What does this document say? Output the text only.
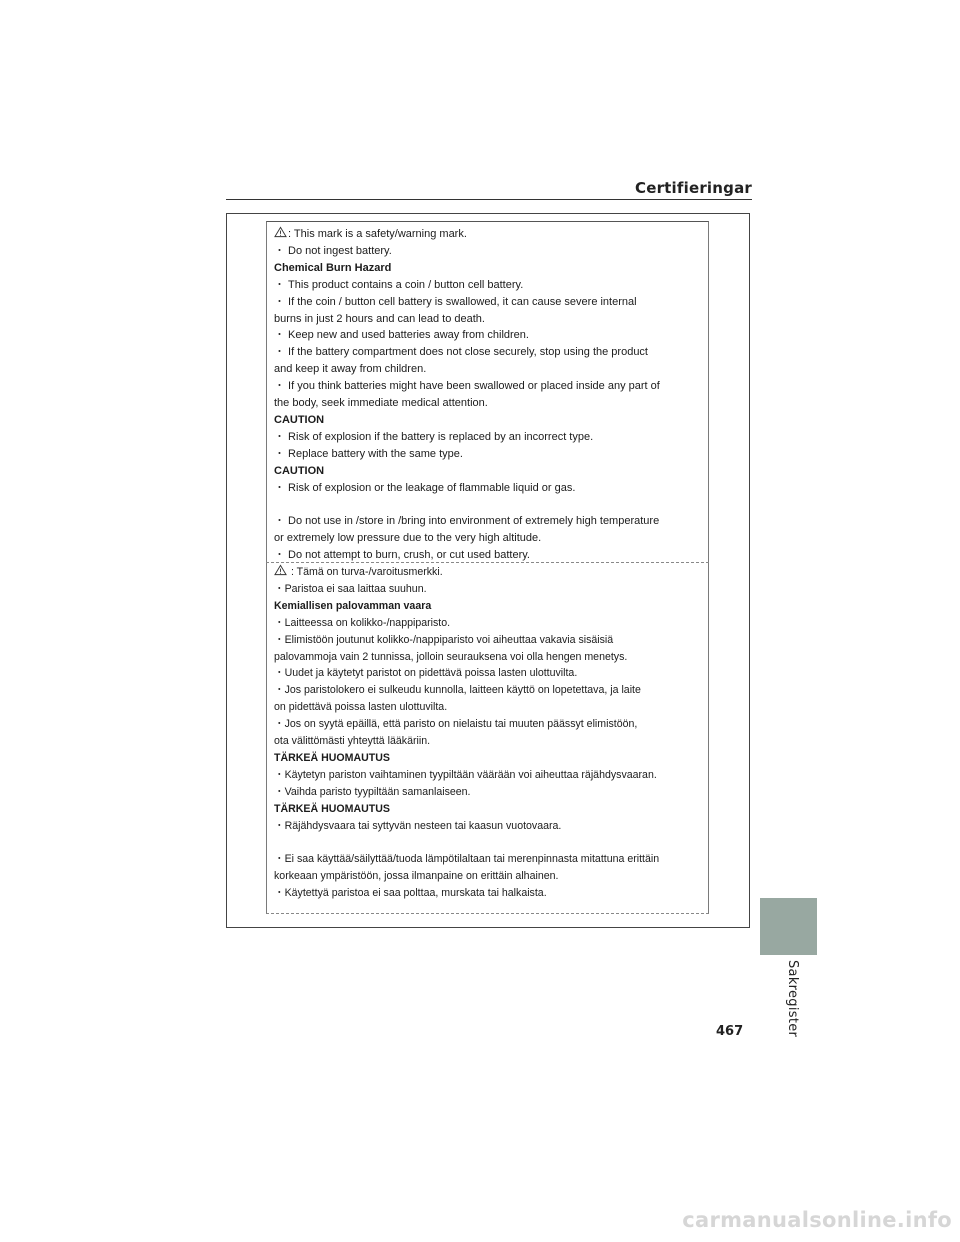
Certifieringar
: This mark is a safety/warning mark.
・ Do not ingest battery.
Chemical Burn Hazard
・ This product contains a coin / button cell battery.
・ If the coin / button cell battery is swallowed, it can cause severe internal
burns in just 2 hours and can lead to death.
・ Keep new and used batteries away from children.
・ If the battery compartment does not close securely, stop using the product
and keep it away from children.
・ If you think batteries might have been swallowed or placed inside any part of
the body, seek immediate medical attention.
CAUTION
・ Risk of explosion if the battery is replaced by an incorrect type.
・ Replace battery with the same type.
CAUTION
・ Risk of explosion or the leakage of flammable liquid or gas.
・ Do not use in /store in /bring into environment of extremely high temperature
or extremely low pressure due to the very high altitude.
・ Do not attempt to burn, crush, or cut used battery.
: Tämä on turva-/varoitusmerkki.
・Paristoa ei saa laittaa suuhun.
Kemiallisen palovamman vaara
・Laitteessa on kolikko-/nappiparisto.
・Elimistöön joutunut kolikko-/nappiparisto voi aiheuttaa vakavia sisäisiä
palovammoja vain 2 tunnissa, jolloin seurauksena voi olla hengen menetys.
・Uudet ja käytetyt paristot on pidettävä poissa lasten ulottuvilta.
・Jos paristolokero ei sulkeudu kunnolla, laitteen käyttö on lopetettava, ja laite
on pidettävä poissa lasten ulottuvilta.
・Jos on syytä epäillä, että paristo on nielaistu tai muuten päässyt elimistöön,
ota välittömästi yhteyttä lääkäriin.
TÄRKEÄ HUOMAUTUS
・Käytetyn pariston vaihtaminen tyypiltään väärään voi aiheuttaa räjähdysvaaran.
・Vaihda paristo tyypiltään samanlaiseen.
TÄRKEÄ HUOMAUTUS
・Räjähdysvaara tai syttyvän nesteen tai kaasun vuotovaara.
・Ei saa käyttää/säilyttää/tuoda lämpötilaltaan tai merenpinnasta mitattuna erittäin
korkeaan ympäristöön, jossa ilmanpaine on erittäin alhainen.
・Käytettyä paristoa ei saa polttaa, murskata tai halkaista.
Sakregister
467
carmanualsonline.info
